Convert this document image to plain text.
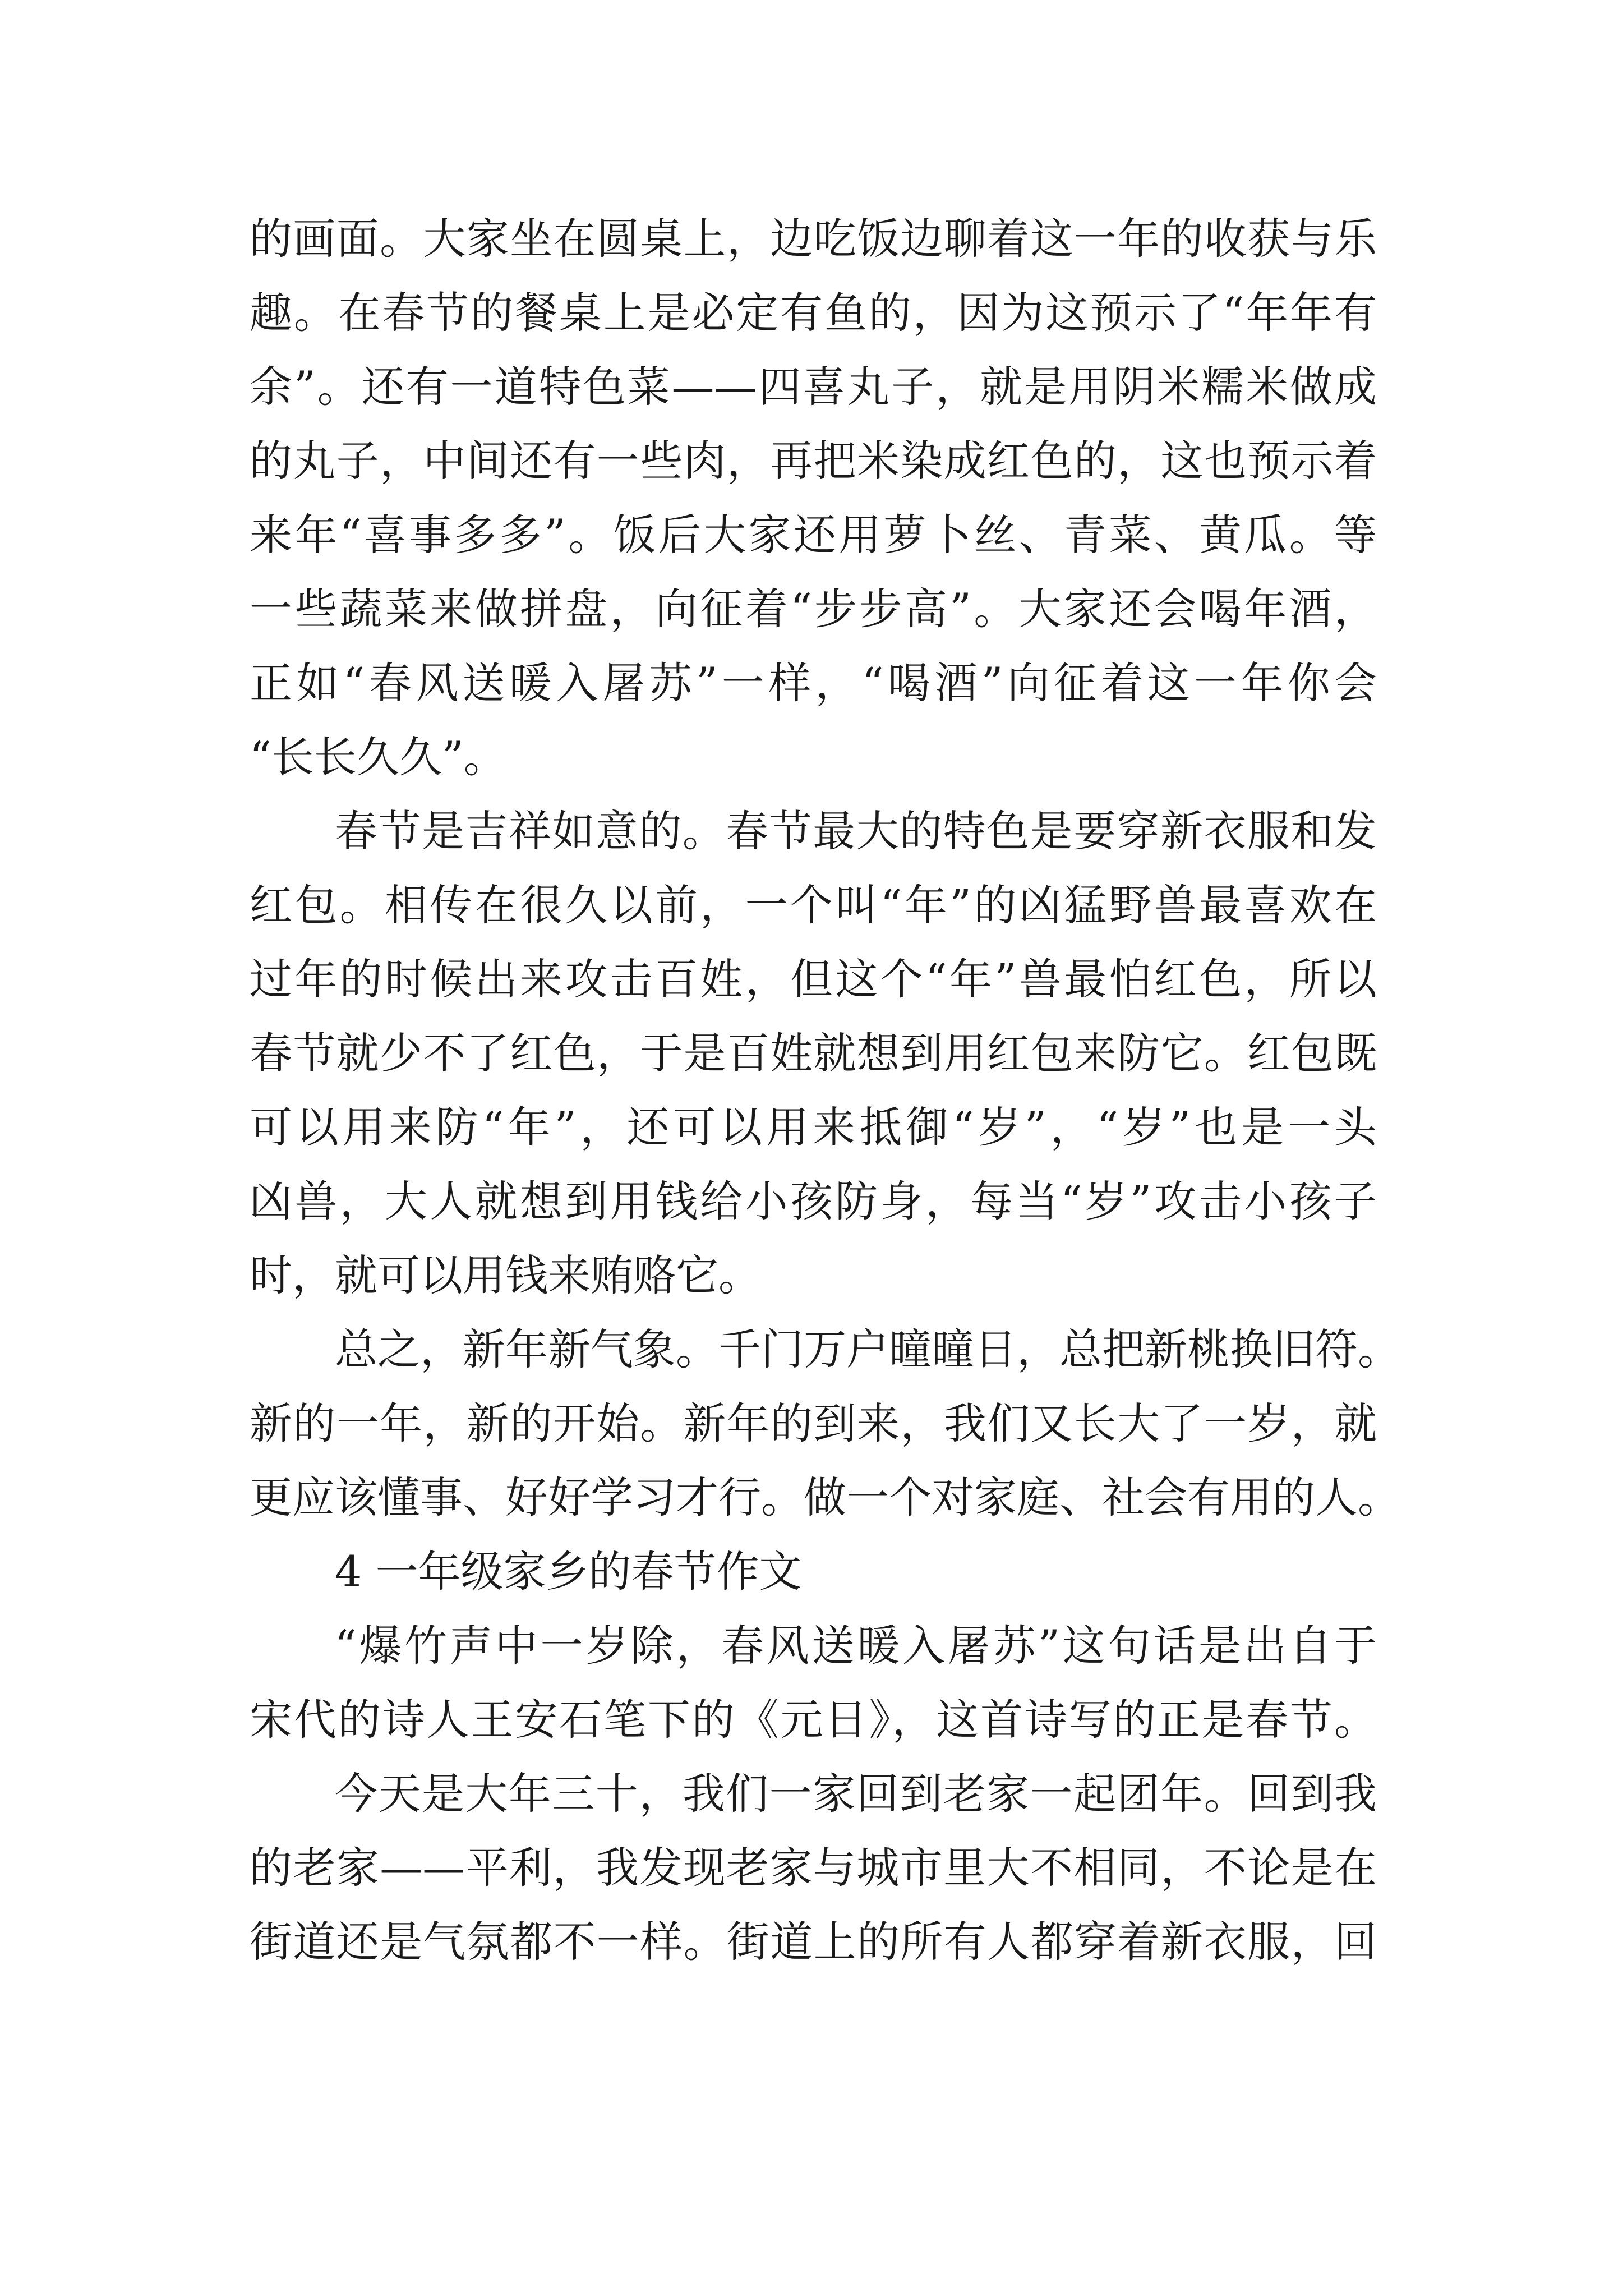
的画面。大家坐在圆桌上，边吃饭边聊着这一年的收获与乐
趣。在春节的餐桌上是必定有鱼的，因为这预示了“年年有
余”。还有一道特色菜——四喜丸子，就是用阴米糯米做成
的丸子，中间还有一些肉，再把米染成红色的，这也预示着
来年“喜事多多”。饭后大家还用萝卜丝、青菜、黄瓜。等
一些蔬菜来做拼盘，向征着“步步高”。大家还会喝年酒，
正如“春风送暖入屠苏”一样，“喝酒”向征着这一年你会
“长长久久”。
春节是吉祥如意的。春节最大的特色是要穿新衣服和发
红包。相传在很久以前，一个叫“年”的凶猛野兽最喜欢在
过年的时候出来攻击百姓，但这个“年”兽最怕红色，所以
春节就少不了红色，于是百姓就想到用红包来防它。红包既
可以用来防“年”，还可以用来抵御“岁”，“岁”也是一头
凶兽，大人就想到用钱给小孩防身，每当“岁”攻击小孩子
时，就可以用钱来贿赂它。
总之，新年新气象。千门万户曈曈日，总把新桃换旧符。
新的一年，新的开始。新年的到来，我们又长大了一岁，就
更应该懂事、好好学习才行。做一个对家庭、社会有用的人。
4 一年级家乡的春节作文
“爆竹声中一岁除，春风送暖入屠苏”这句话是出自于
宋代的诗人王安石笔下的《元日》，这首诗写的正是春节。
今天是大年三十，我们一家回到老家一起团年。回到我
的老家——平利，我发现老家与城市里大不相同，不论是在
街道还是气氛都不一样。街道上的所有人都穿着新衣服，回
